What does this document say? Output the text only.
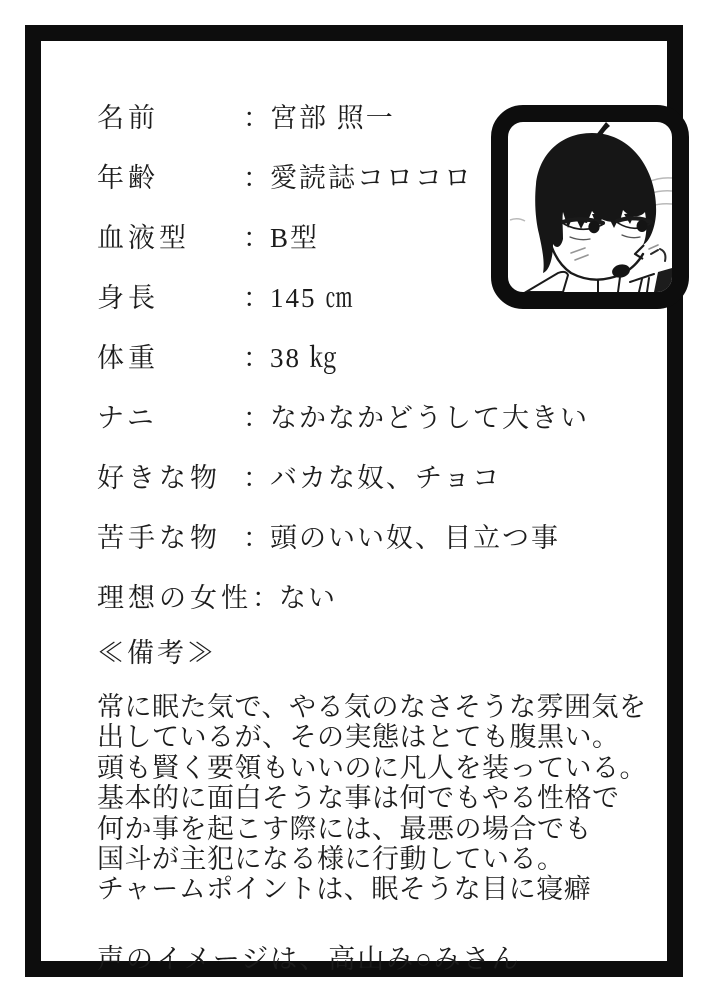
名前	： 宮部 照一
年齢	： 愛読誌コロコロ
血液型	： B型
身長	： 145 ㎝
体重	： 38 ㎏
ナニ	： なかなかどうして大きい
好きな物 ： バカな奴、チョコ
苦手な物 ： 頭のいい奴、目立つ事
理想の女性 ： ない
≪備考≫
常に眠た気で、やる気のなさそうな雰囲気を
出しているが、その実態はとても腹黒い。
頭も賢く要領もいいのに凡人を装っている。
基本的に面白そうな事は何でもやる性格で
何か事を起こす際には、最悪の場合でも
国斗が主犯になる様に行動している。
チャームポイントは、眠そうな目に寝癖
声のイメージは、高山み○みさん
